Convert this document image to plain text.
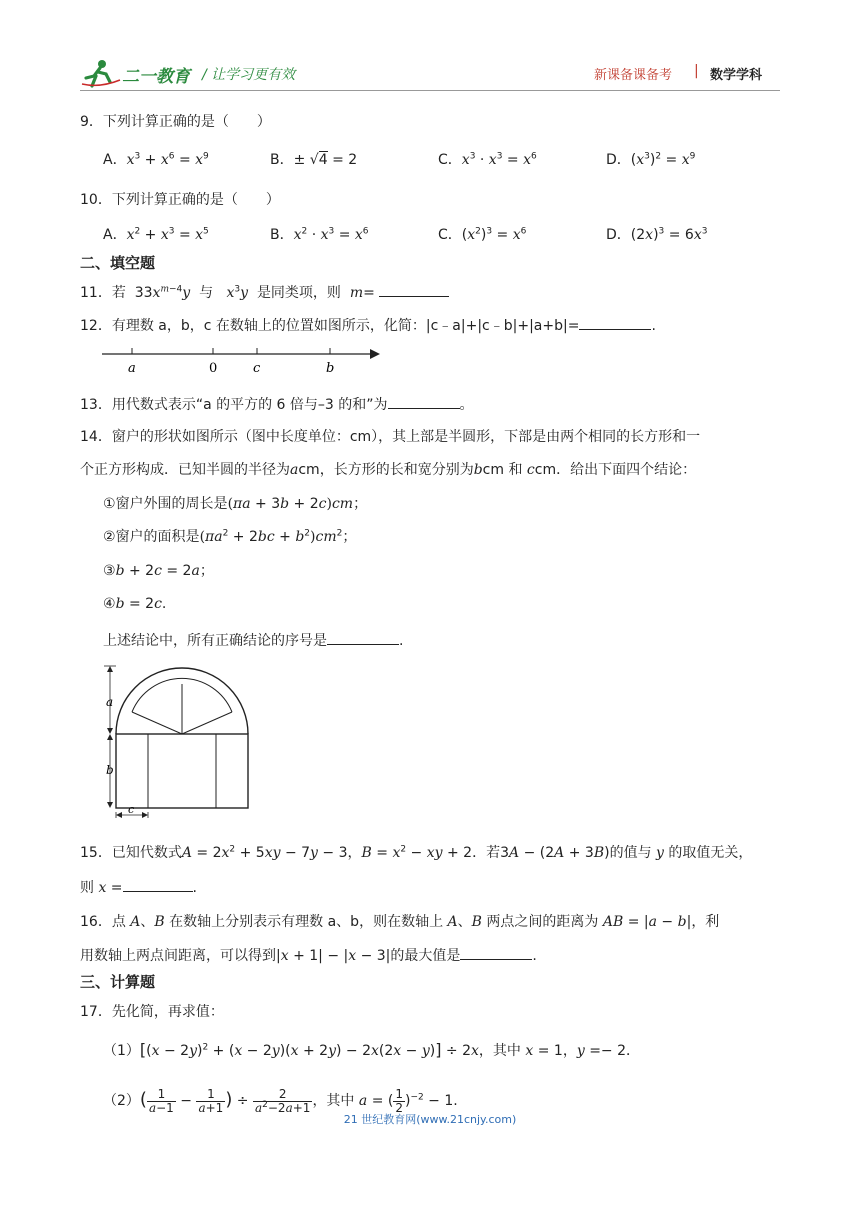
二一教育 / 让学习更有效	新课备课备考 | 数学学科
9．下列计算正确的是（　　）
A．$x^3 + x^6 = x^9$	B．± √4 = 2	C．$x^3 \cdot x^3 = x^6$	D．$(x^3)^2 = x^9$
10．下列计算正确的是（　　）
A．$x^2 + x^3 = x^5$	B．$x^2 \cdot x^3 = x^6$	C．$(x^2)^3 = x^6$	D．$(2x)^3 = 6x^3$
二、填空题
11．若  $33x^{m-4}y$ 与 $x^3y$ 是同类项，则 m=
12．有理数 a，b，c 在数轴上的位置如图所示，化简：|c﹣a|+|c﹣b|+|a+b|=	.
a	0	c	b
13．用代数式表示“a 的平方的 6 倍与–3 的和”为	。
14．窗户的形状如图所示（图中长度单位：cm），其上部是半圆形，下部是由两个相同的长方形和一
个正方形构成．已知半圆的半径为acm，长方形的长和宽分别为bcm 和 ccm．给出下面四个结论：
①窗户外围的周长是(πa + 3b + 2c)cm；
②窗户的面积是$(\pi a^2 + 2bc + b^2)cm^2$；
③b + 2c = 2a；
④b = 2c.
上述结论中，所有正确结论的序号是	.
a
b
c
15．已知代数式$A = 2x^2 + 5xy - 7y - 3$，$B = x^2$ − xy + 2．若3A − (2A + 3B)的值与 y 的取值无关，
则 x =	.
16．点 A、B 在数轴上分别表示有理数 a、b，则在数轴上 A、B 两点之间的距离为 AB = |a − b|，利
用数轴上两点间距离，可以得到|x + 1| − |x − 3|的最大值是	.
三、计算题
17．先化简，再求值：
$(1)[(x - 2y)^2 + (x - 2y)(x + 2y) - 2x(2x - y)] \div 2x$，其中 x = 1，y =− 2．
$(2)( \frac{1}{a-1} - \frac{1}{a+1}$ ) ÷ $\frac{2}{a^2-2a+1}$ ，其中 a = ( $\frac{1}{2} )^{-2} - 1$.
21 世纪教育网(www.21cnjy.com)
